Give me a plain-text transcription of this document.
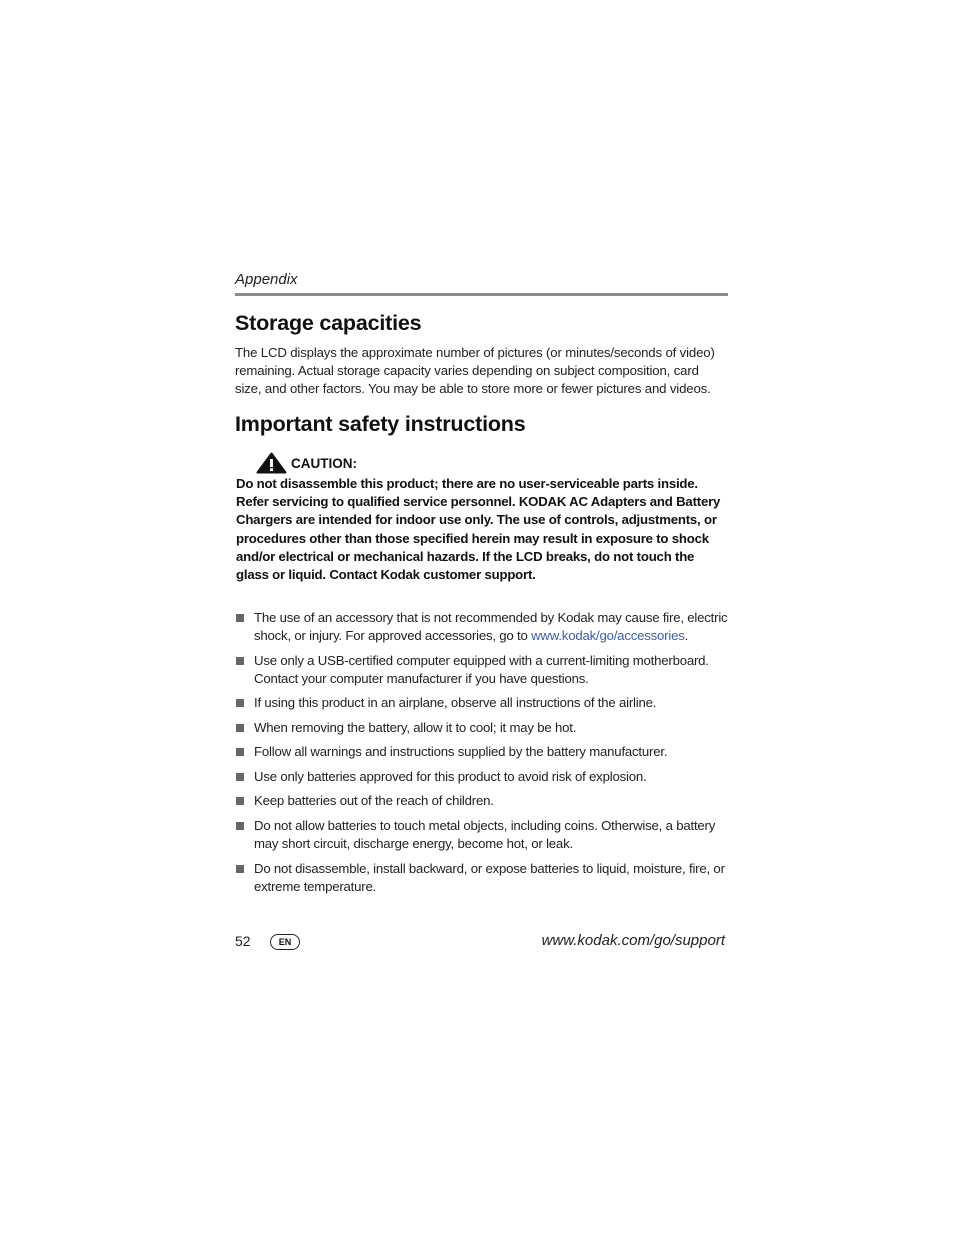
Appendix
Storage capacities
The LCD displays the approximate number of pictures (or minutes/seconds of video) remaining. Actual storage capacity varies depending on subject composition, card size, and other factors. You may be able to store more or fewer pictures and videos.
Important safety instructions
CAUTION:
Do not disassemble this product; there are no user-serviceable parts inside. Refer servicing to qualified service personnel. KODAK AC Adapters and Battery Chargers are intended for indoor use only. The use of controls, adjustments, or procedures other than those specified herein may result in exposure to shock and/or electrical or mechanical hazards. If the LCD breaks, do not touch the glass or liquid. Contact Kodak customer support.
The use of an accessory that is not recommended by Kodak may cause fire, electric shock, or injury. For approved accessories, go to www.kodak/go/accessories.
Use only a USB-certified computer equipped with a current-limiting motherboard. Contact your computer manufacturer if you have questions.
If using this product in an airplane, observe all instructions of the airline.
When removing the battery, allow it to cool; it may be hot.
Follow all warnings and instructions supplied by the battery manufacturer.
Use only batteries approved for this product to avoid risk of explosion.
Keep batteries out of the reach of children.
Do not allow batteries to touch metal objects, including coins. Otherwise, a battery may short circuit, discharge energy, become hot, or leak.
Do not disassemble, install backward, or expose batteries to liquid, moisture, fire, or extreme temperature.
52	EN	www.kodak.com/go/support
